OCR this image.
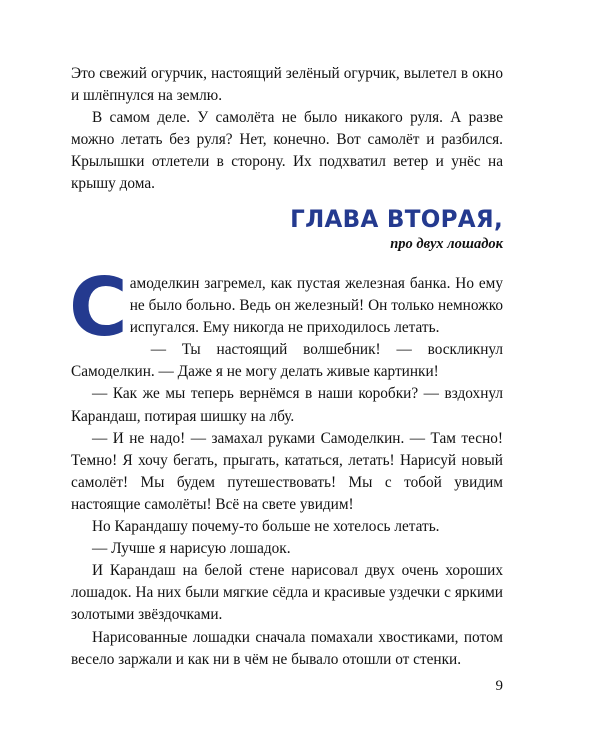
Это свежий огурчик, настоящий зелёный огурчик, вылетел в окно и шлёпнулся на землю.

В самом деле. У самолёта не было никакого руля. А разве можно летать без руля? Нет, конечно. Вот самолёт и разбился. Крылышки отлетели в сторону. Их подхватил ветер и унёс на крышу дома.

ГЛАВА ВТОРАЯ,
про двух лошадок

Самоделкин загремел, как пустая железная банка. Но ему не было больно. Ведь он железный! Он только немножко испугался. Ему никогда не приходилось летать.

— Ты настоящий волшебник! — воскликнул Самоделкин. — Даже я не могу делать живые картинки!

— Как же мы теперь вернёмся в наши коробки? — вздохнул Карандаш, потирая шишку на лбу.

— И не надо! — замахал руками Самоделкин. — Там тесно! Темно! Я хочу бегать, прыгать, кататься, летать! Нарисуй новый самолёт! Мы будем путешествовать! Мы с тобой увидим настоящие самолёты! Всё на свете увидим!

Но Карандашу почему-то больше не хотелось летать.

— Лучше я нарисую лошадок.

И Карандаш на белой стене нарисовал двух очень хороших лошадок. На них были мягкие сёдла и красивые уздечки с яркими золотыми звёздочками.

Нарисованные лошадки сначала помахали хвостиками, потом весело заржали и как ни в чём не бывало отошли от стенки.

9
